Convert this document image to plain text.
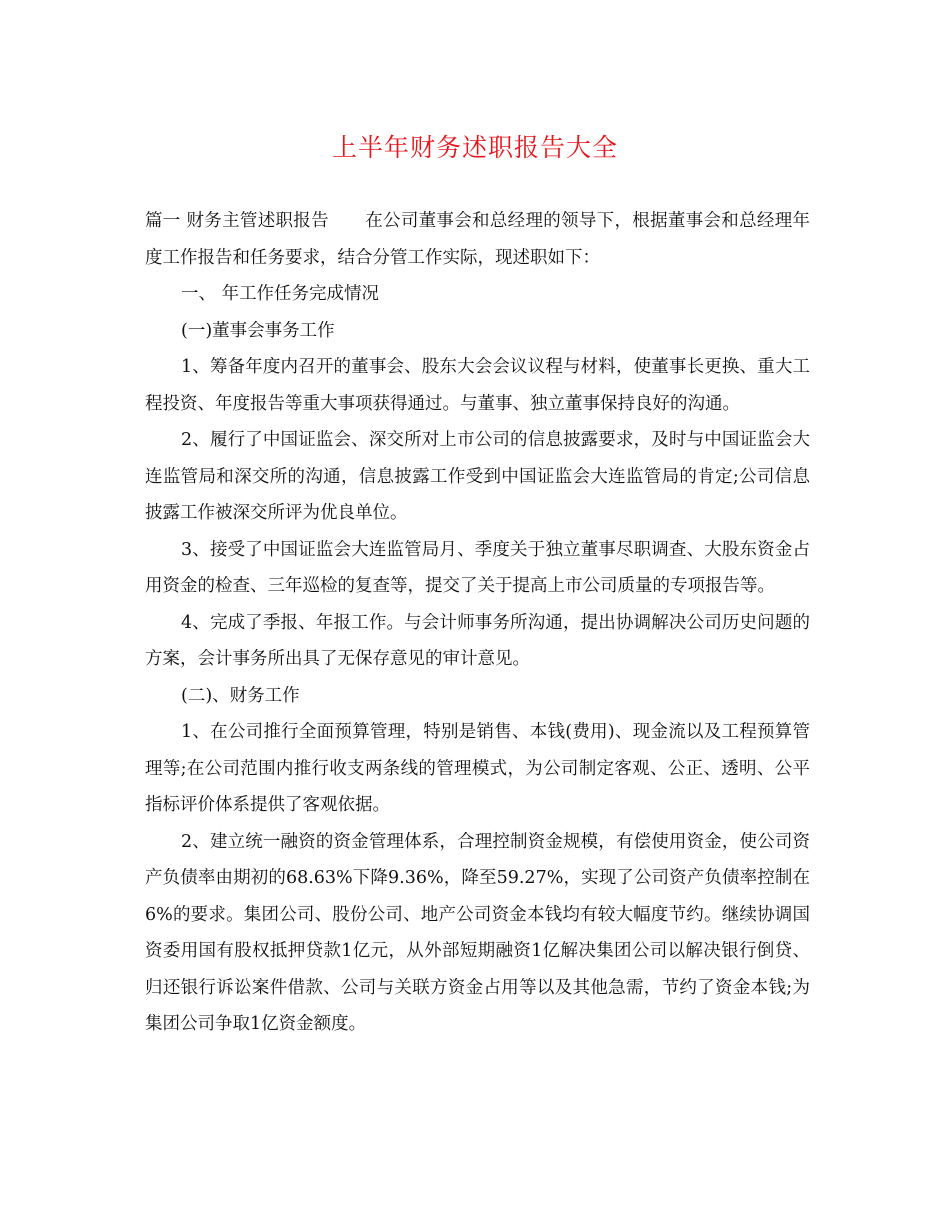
上半年财务述职报告大全

篇一 财务主管述职报告 在公司董事会和总经理的领导下，根据董事会和总经理年度工作报告和任务要求，结合分管工作实际，现述职如下：

一、 年工作任务完成情况

(一)董事会事务工作

1、筹备年度内召开的董事会、股东大会会议议程与材料，使董事长更换、重大工程投资、年度报告等重大事项获得通过。与董事、独立董事保持良好的沟通。

2、履行了中国证监会、深交所对上市公司的信息披露要求，及时与中国证监会大连监管局和深交所的沟通，信息披露工作受到中国证监会大连监管局的肯定;公司信息披露工作被深交所评为优良单位。

3、接受了中国证监会大连监管局月、季度关于独立董事尽职调查、大股东资金占用资金的检查、三年巡检的复查等，提交了关于提高上市公司质量的专项报告等。

4、完成了季报、年报工作。与会计师事务所沟通，提出协调解决公司历史问题的方案，会计事务所出具了无保存意见的审计意见。

(二)、财务工作

1、在公司推行全面预算管理，特别是销售、本钱(费用)、现金流以及工程预算管理等;在公司范围内推行收支两条线的管理模式，为公司制定客观、公正、透明、公平指标评价体系提供了客观依据。

2、建立统一融资的资金管理体系，合理控制资金规模，有偿使用资金，使公司资产负债率由期初的68.63%下降9.36%，降至59.27%，实现了公司资产负债率控制在6%的要求。集团公司、股份公司、地产公司资金本钱均有较大幅度节约。继续协调国资委用国有股权抵押贷款1亿元，从外部短期融资1亿解决集团公司以解决银行倒贷、归还银行诉讼案件借款、公司与关联方资金占用等以及其他急需，节约了资金本钱;为集团公司争取1亿资金额度。
